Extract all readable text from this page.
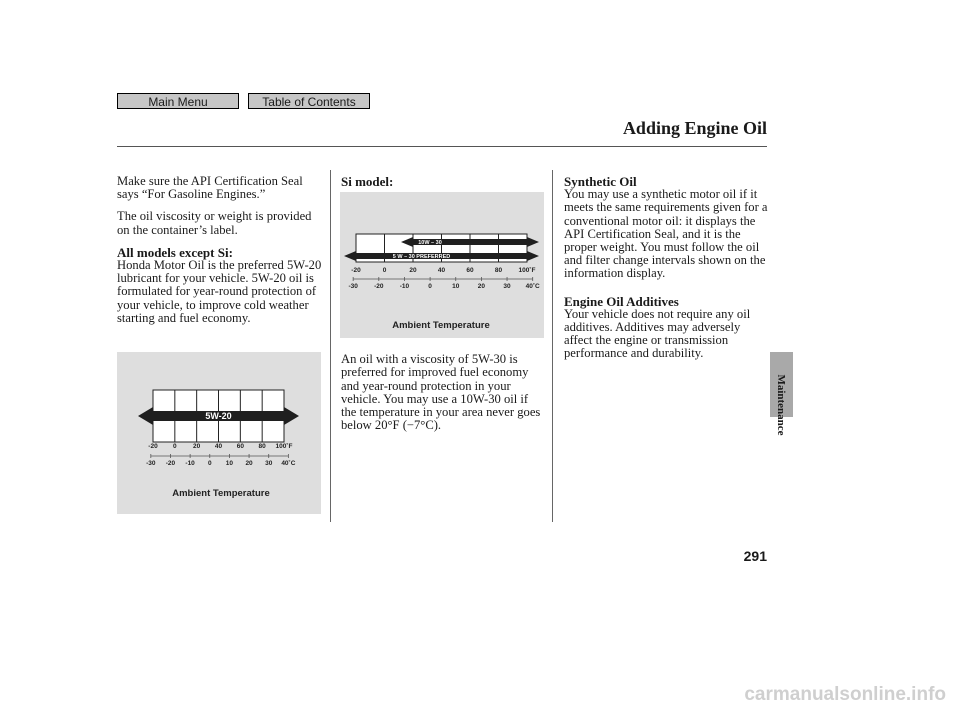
Main Menu	Table of Contents
Adding Engine Oil
Maintenance

Make sure the API Certification Seal says “For Gasoline Engines.”

The oil viscosity or weight is provided on the container’s label.

All models except Si:

Honda Motor Oil is the preferred 5W-20 lubricant for your vehicle. 5W-20 oil is formulated for year-round protection of your vehicle, to improve cold weather starting and fuel economy.

Si model:

An oil with a viscosity of 5W-30 is preferred for improved fuel economy and year-round protection in your vehicle. You may use a 10W-30 oil if the temperature in your area never goes below 20°F (−7°C).

Synthetic Oil

You may use a synthetic motor oil if it meets the same requirements given for a conventional motor oil: it displays the API Certification Seal, and it is the proper weight. You must follow the oil and filter change intervals shown on the information display.

Engine Oil Additives

Your vehicle does not require any oil additives. Additives may adversely affect the engine or transmission performance and durability.

5W-20
-20 0	20 40 60 80 100˚F
-30 -20 -10 0 10 20 30 40˚C
Ambient Temperature
10W – 30
5 W – 30 PREFERRED
-20	0	20	40	60	80	100˚F
-30 -20 -10	0	10	20	30 40˚C
Ambient Temperature
291
carmanualsonline.info
